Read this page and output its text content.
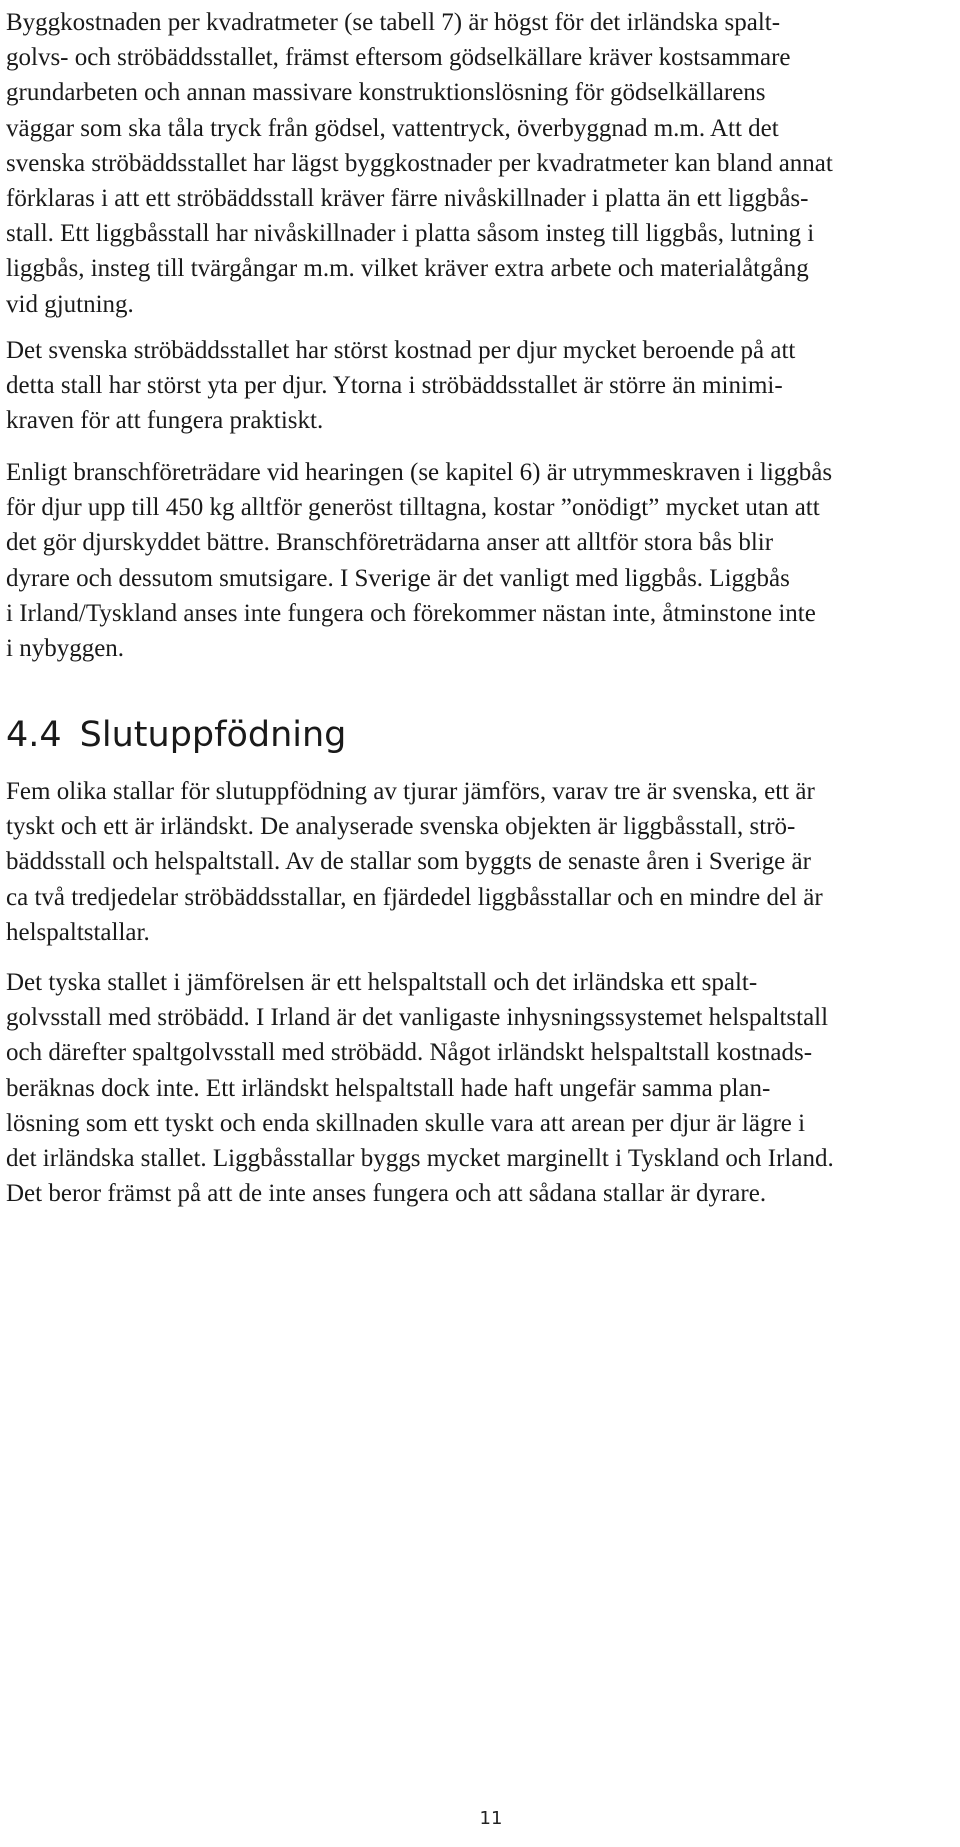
Byggkostnaden per kvadratmeter (se tabell 7) är högst för det irländska spalt-
golvs- och ströbäddsstallet, främst eftersom gödselkällare kräver kostsammare
grundarbeten och annan massivare konstruktionslösning för gödselkällarens
väggar som ska tåla tryck från gödsel, vattentryck, överbyggnad m.m. Att det
svenska ströbäddsstallet har lägst byggkostnader per kvadratmeter kan bland annat
förklaras i att ett ströbäddsstall kräver färre nivåskillnader i platta än ett liggbås-
stall. Ett liggbåsstall har nivåskillnader i platta såsom insteg till liggbås, lutning i
liggbås, insteg till tvärgångar m.m. vilket kräver extra arbete och materialåtgång
vid gjutning.

Det svenska ströbäddsstallet har störst kostnad per djur mycket beroende på att
detta stall har störst yta per djur. Ytorna i ströbäddsstallet är större än minimi-
kraven för att fungera praktiskt.

Enligt branschföreträdare vid hearingen (se kapitel 6) är utrymmeskraven i liggbås
för djur upp till 450 kg alltför generöst tilltagna, kostar ”onödigt” mycket utan att
det gör djurskyddet bättre. Branschföreträdarna anser att alltför stora bås blir
dyrare och dessutom smutsigare. I Sverige är det vanligt med liggbås. Liggbås
i Irland/Tyskland anses inte fungera och förekommer nästan inte, åtminstone inte
i nybyggen.

4.4 Slutuppfödning

Fem olika stallar för slutuppfödning av tjurar jämförs, varav tre är svenska, ett är
tyskt och ett är irländskt. De analyserade svenska objekten är liggbåsstall, strö-
bäddsstall och helspaltstall. Av de stallar som byggts de senaste åren i Sverige är
ca två tredjedelar ströbäddsstallar, en fjärdedel liggbåsstallar och en mindre del är
helspaltstallar.

Det tyska stallet i jämförelsen är ett helspaltstall och det irländska ett spalt-
golvsstall med ströbädd. I Irland är det vanligaste inhysningssystemet helspaltstall
och därefter spaltgolvsstall med ströbädd. Något irländskt helspaltstall kostnads-
beräknas dock inte. Ett irländskt helspaltstall hade haft ungefär samma plan-
lösning som ett tyskt och enda skillnaden skulle vara att arean per djur är lägre i
det irländska stallet. Liggbåsstallar byggs mycket marginellt i Tyskland och Irland.
Det beror främst på att de inte anses fungera och att sådana stallar är dyrare.

11
